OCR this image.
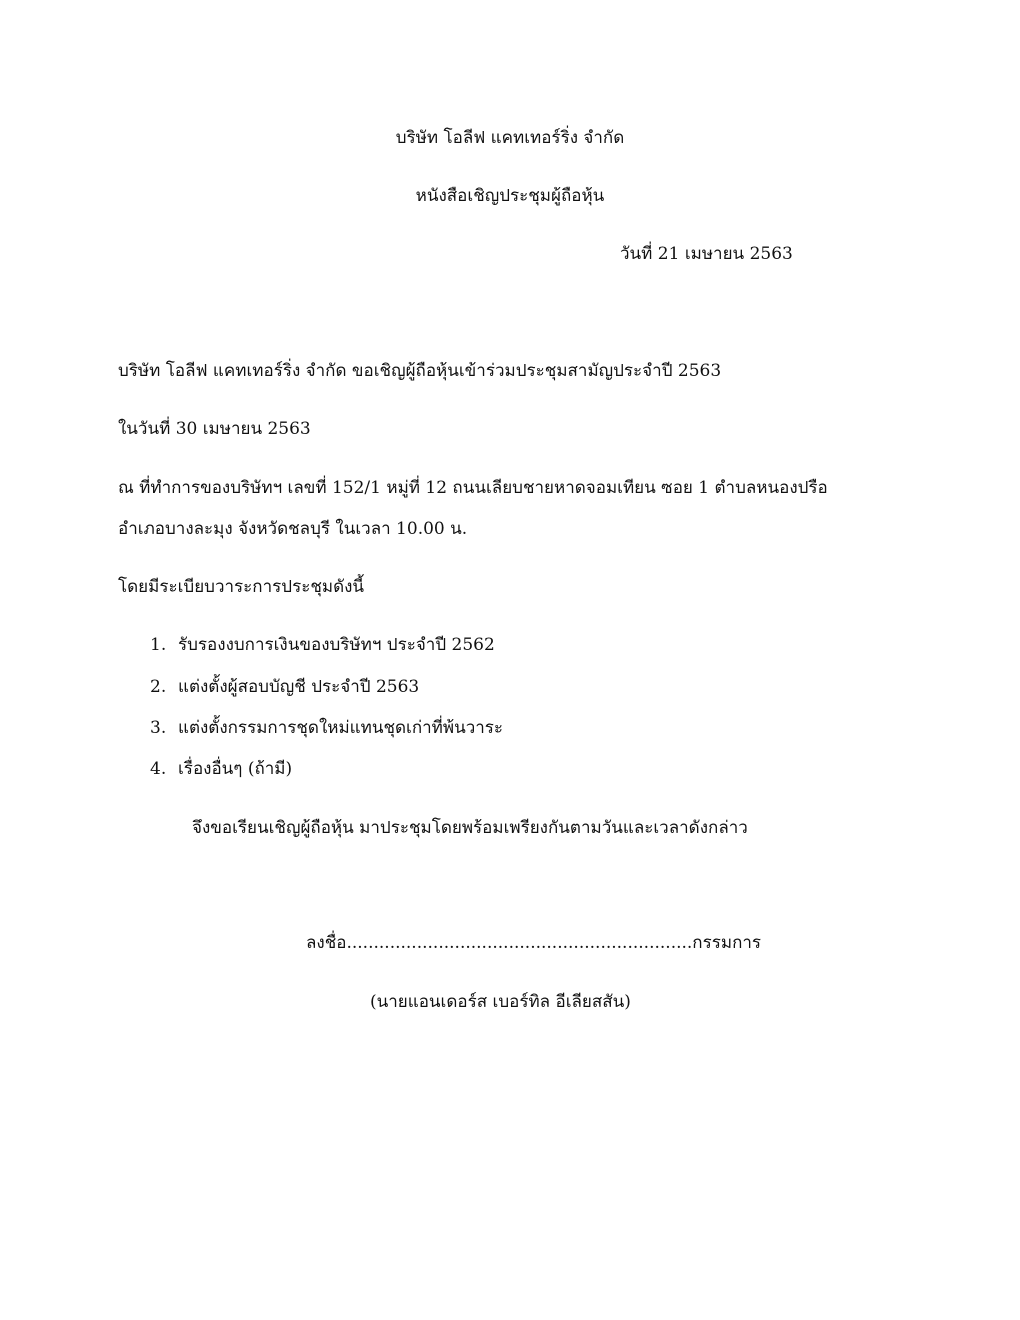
บริษัท โอลีฟ แคทเทอร์ริ่ง จำกัด
หนังสือเชิญประชุมผู้ถือหุ้น
วันที่ 21 เมษายน 2563
บริษัท โอลีฟ แคทเทอร์ริ่ง จำกัด ขอเชิญผู้ถือหุ้นเข้าร่วมประชุมสามัญประจำปี 2563
ในวันที่ 30 เมษายน 2563
ณ ที่ทำการของบริษัทฯ เลขที่ 152/1 หมู่ที่ 12 ถนนเลียบชายหาดจอมเทียน ซอย 1 ตำบลหนองปรือ
อำเภอบางละมุง จังหวัดชลบุรี ในเวลา 10.00 น.
โดยมีระเบียบวาระการประชุมดังนี้
1. รับรองงบการเงินของบริษัทฯ ประจำปี 2562
2. แต่งตั้งผู้สอบบัญชี ประจำปี 2563
3. แต่งตั้งกรรมการชุดใหม่แทนชุดเก่าที่พ้นวาระ
4. เรื่องอื่นๆ (ถ้ามี)
จึงขอเรียนเชิญผู้ถือหุ้น มาประชุมโดยพร้อมเพรียงกันตามวันและเวลาดังกล่าว
ลงชื่อ................................................................กรรมการ
(นายแอนเดอร์ส เบอร์ทิล อีเลียสสัน)
